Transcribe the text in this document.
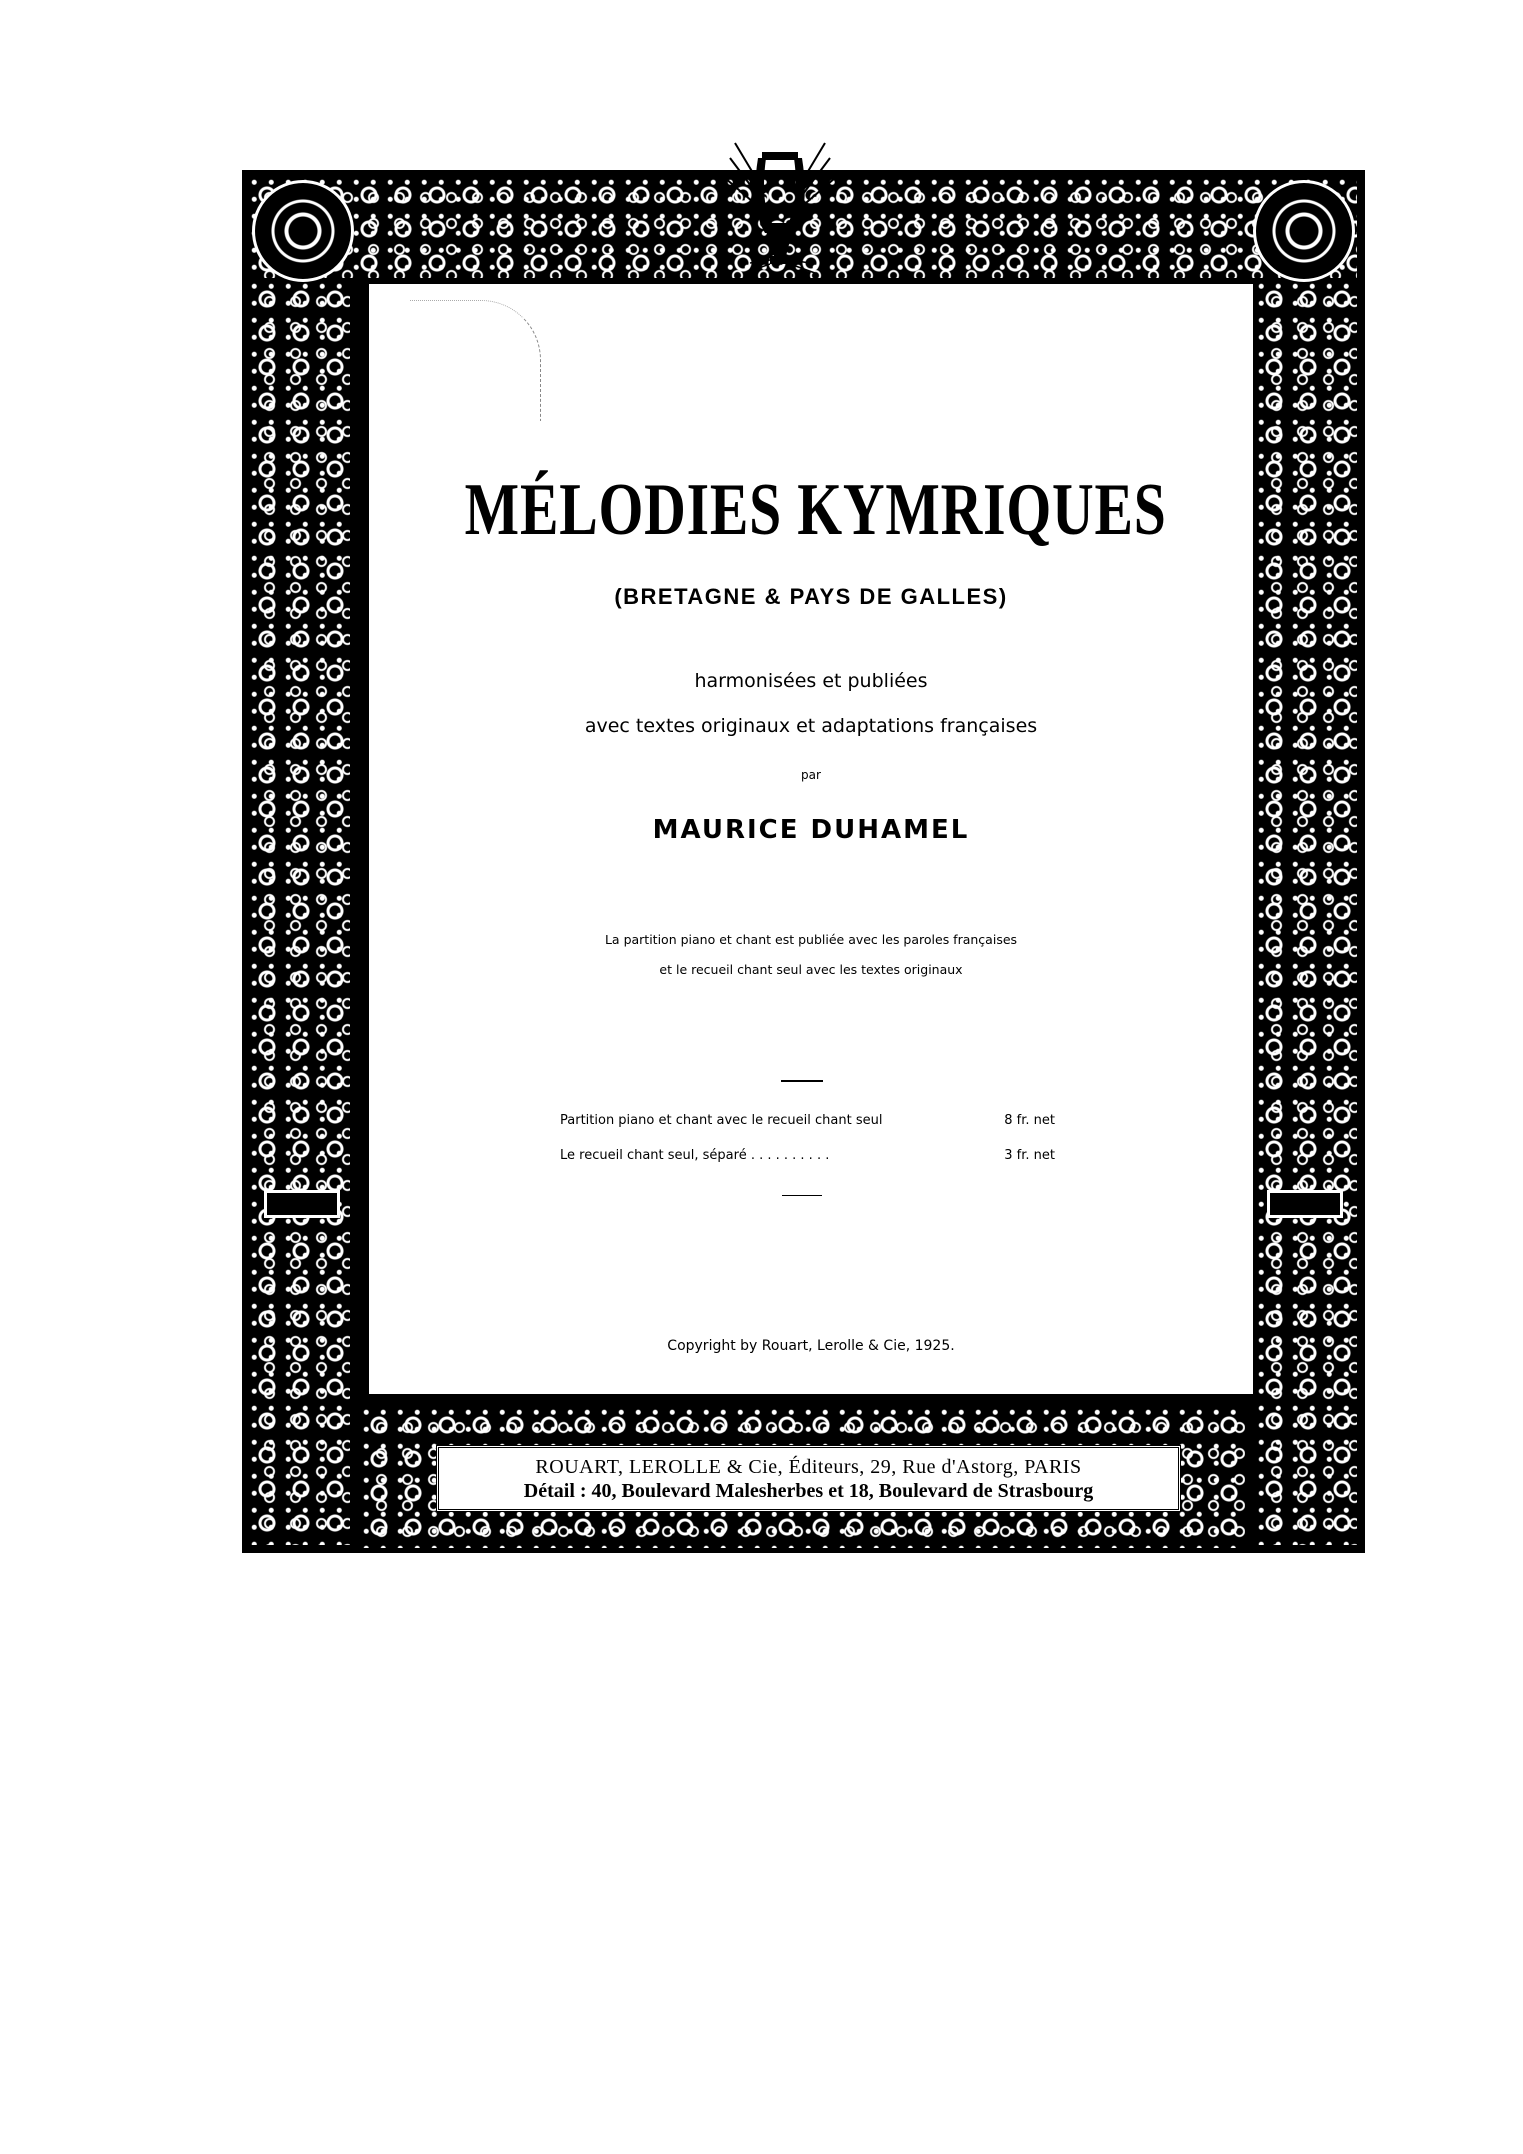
MÉLODIES KYMRIQUES
(BRETAGNE & PAYS DE GALLES)
harmonisées et publiées
avec textes originaux et adaptations françaises
par
MAURICE DUHAMEL
La partition piano et chant est publiée avec les paroles françaises
et le recueil chant seul avec les textes originaux
Partition piano et chant avec le recueil chant seul	8 fr. net
Le recueil chant seul, séparé . . . . . . . . . .	3 fr. net
Copyright by Rouart, Lerolle & Cie, 1925.
ROUART, LEROLLE & Cie, Éditeurs, 29, Rue d'Astorg, PARIS
Détail : 40, Boulevard Malesherbes et 18, Boulevard de Strasbourg
